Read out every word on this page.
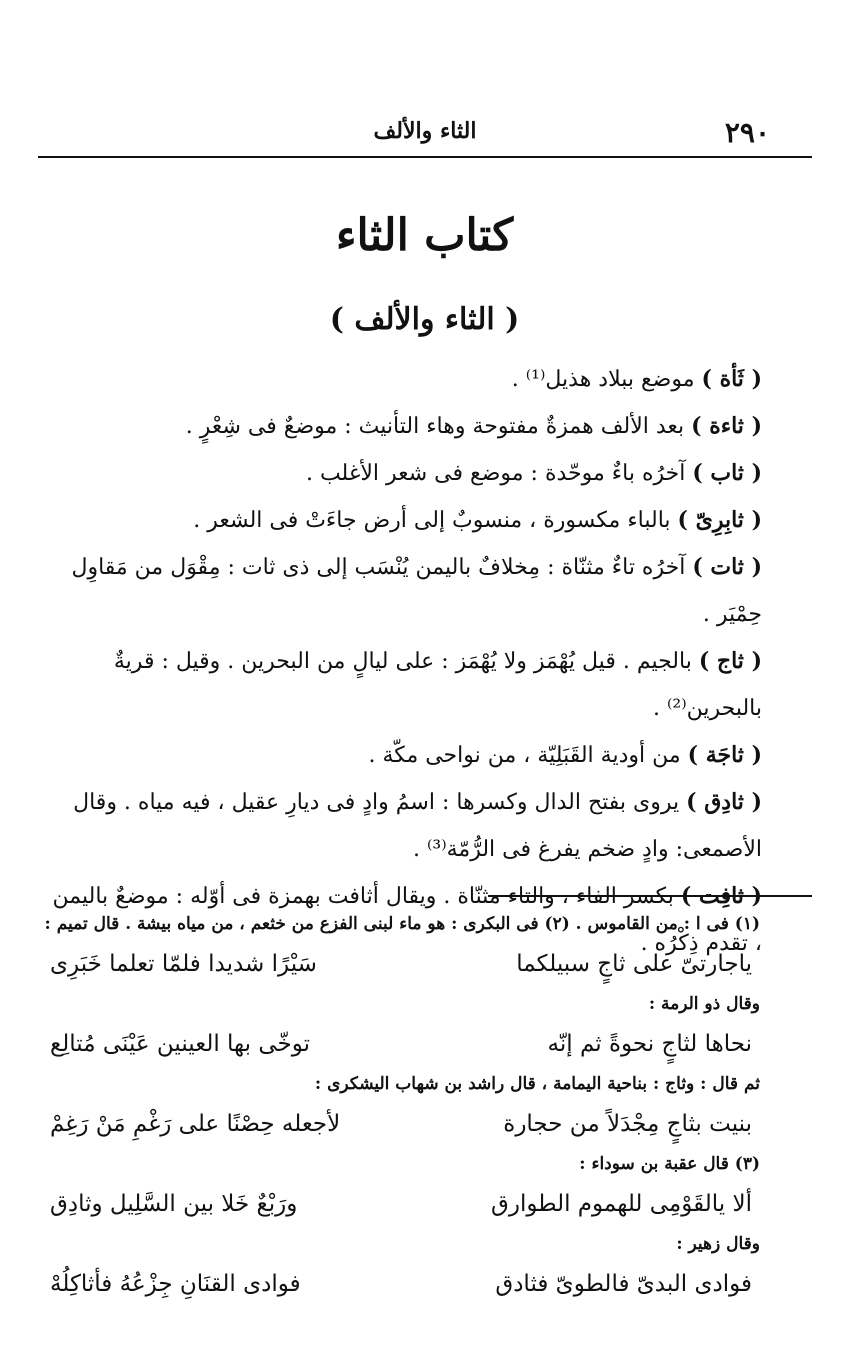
٢٩٠
الثاء والألف
كتاب الثاء
( الثاء والألف )

( ثَأة ) موضع ببلاد هذيل⁽¹⁾ .

( ثاءة ) بعد الألف همزةٌ مفتوحة وهاء التأنيث : موضعٌ فى شِعْرٍ .

( ثاب ) آخرُه باءٌ موحّدة : موضع فى شعر الأغلب .

( ثابِرِىّ ) بالباء مكسورة ، منسوبٌ إلى أرض جاءَتْ فى الشعر .

( ثات ) آخرُه تاءٌ مثنّاة : مِخلافٌ باليمن يُنْسَب إلى ذى ثات : مِقْوَل من مَقاوِل حِمْيَر .

( ثاج ) بالجيم . قيل يُهْمَز ولا يُهْمَز : على ليالٍ من البحرين . وقيل : قريةٌ بالبحرين⁽²⁾ .

( ثاجَة ) من أودية القَبَلِيّة ، من نواحى مكّة .

( ثادِق ) يروى بفتح الدال وكسرها : اسمُ وادٍ فى ديارِ عقيل ، فيه مياه . وقال الأصمعى: وادٍ ضخم يفرغ فى الرُّمّة⁽³⁾ .

( ثافِت ) بكسر الفاء ، والتاء مثنّاة . ويقال أثافت بهمزة فى أوّله : موضعٌ باليمن ، تقدم ذِكْرُه .

(١) فى ا : من القاموس . (٢) فى البكرى : هو ماء لبنى الفزع من خثعم ، من مياه بيشة . قال تميم :

ياجارتىّ على ثاجٍ سبيلكما
سَيْرًا شديدا فلمّا تعلما خَبَرِى

وقال ذو الرمة :

نحاها لثاجٍ نحوةً ثم إنّه
توخّى بها العينين عَيْنَى مُتالِع

ثم قال : وثاج : بناحية اليمامة ، قال راشد بن شهاب اليشكرى :

بنيت بثاجٍ مِجْدَلاً من حجارة
لأجعله حِصْنًا على رَغْمِ مَنْ رَغِمْ

(٣) قال عقبة بن سوداء :

ألا يالقَوْمِى للهموم الطوارق
ورَبْعٌ خَلا بين السَّلِيل وثادِق

وقال زهير :

فوادى البدىّ فالطوىّ فثادق
فوادى القنَانِ جِزْعُهُ فأثاكِلُهْ
